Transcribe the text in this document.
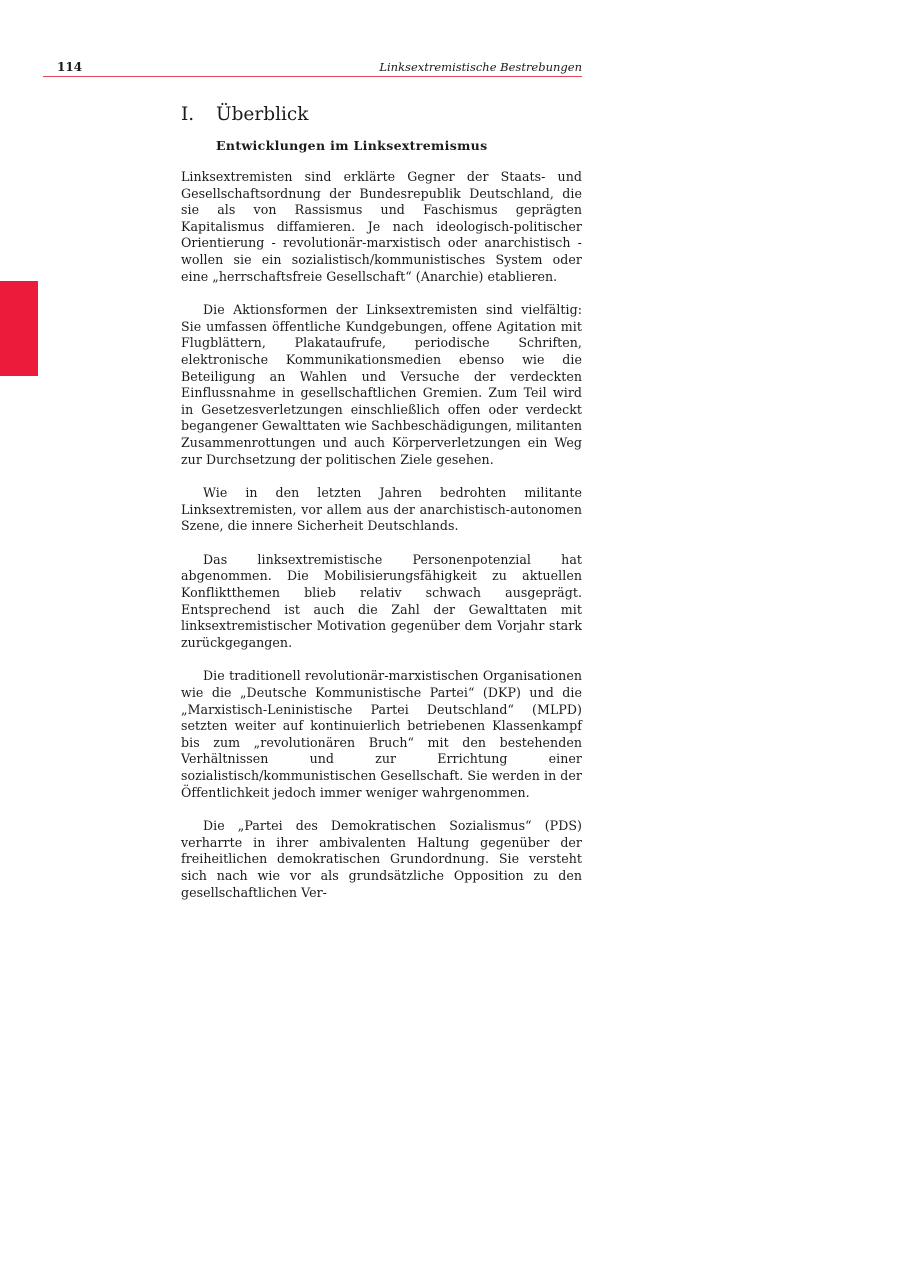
114	Linksextremistische Bestrebungen
I.	Überblick
Entwicklungen im Linksextremismus

Linksextremisten sind erklärte Gegner der Staats- und Gesellschaftsordnung der Bundesrepublik Deutschland, die sie als von Rassismus und Faschismus geprägten Kapitalismus diffamieren. Je nach ideologisch-politischer Orientierung - revolutionär-marxistisch oder anarchistisch - wollen sie ein sozialistisch/kommunistisches System oder eine „herrschaftsfreie Gesellschaft“ (Anarchie) etablieren.

Die Aktionsformen der Linksextremisten sind vielfältig: Sie umfassen öffentliche Kundgebungen, offene Agitation mit Flugblättern, Plakataufrufe, periodische Schriften, elektronische Kommunikationsmedien ebenso wie die Beteiligung an Wahlen und Versuche der verdeckten Einflussnahme in gesellschaftlichen Gremien. Zum Teil wird in Gesetzesverletzungen einschließlich offen oder verdeckt begangener Gewalttaten wie Sachbeschädigungen, militanten Zusammenrottungen und auch Körperverletzungen ein Weg zur Durchsetzung der politischen Ziele gesehen.

Wie in den letzten Jahren bedrohten militante Linksextremisten, vor allem aus der anarchistisch-autonomen Szene, die innere Sicherheit Deutschlands.

Das linksextremistische Personenpotenzial hat abgenommen. Die Mobilisierungsfähigkeit zu aktuellen Konfliktthemen blieb relativ schwach ausgeprägt. Entsprechend ist auch die Zahl der Gewalttaten mit linksextremistischer Motivation gegenüber dem Vorjahr stark zurückgegangen.

Die traditionell revolutionär-marxistischen Organisationen wie die „Deutsche Kommunistische Partei“ (DKP) und die „Marxistisch-Leninistische Partei Deutschland“ (MLPD) setzten weiter auf kontinuierlich betriebenen Klassenkampf bis zum „revolutionären Bruch“ mit den bestehenden Verhältnissen und zur Errichtung einer sozialistisch/kommunistischen Gesellschaft. Sie werden in der Öffentlichkeit jedoch immer weniger wahrgenommen.

Die „Partei des Demokratischen Sozialismus“ (PDS) verharrte in ihrer ambivalenten Haltung gegenüber der freiheitlichen demokratischen Grundordnung. Sie versteht sich nach wie vor als grundsätzliche Opposition zu den gesellschaftlichen Ver-
